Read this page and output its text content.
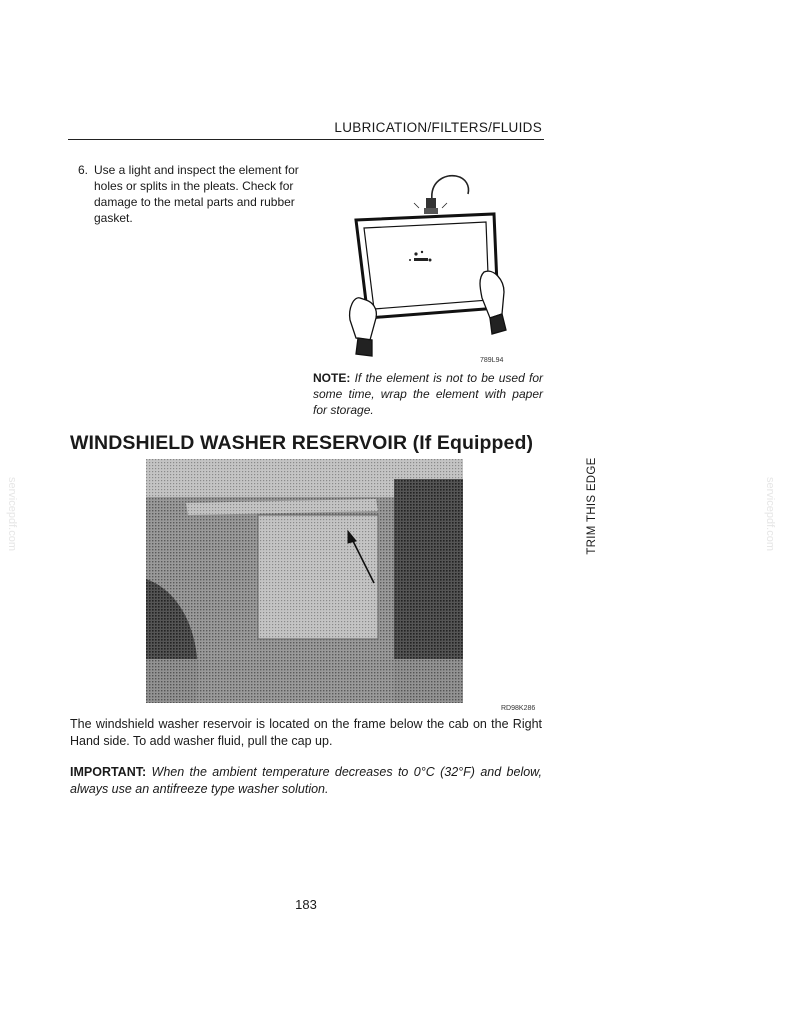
LUBRICATION/FILTERS/FLUIDS
6. Use a light and inspect the element for holes or splits in the pleats. Check for damage to the metal parts and rubber gasket.
789L94
NOTE: If the element is not to be used for some time, wrap the element with paper for storage.
WINDSHIELD WASHER RESERVOIR (If Equipped)
RD98K286
The windshield washer reservoir is located on the frame below the cab on the Right Hand side. To add washer fluid, pull the cap up.
IMPORTANT: When the ambient temperature decreases to 0°C (32°F) and below, always use an antifreeze type washer solution.
183
TRIM THIS EDGE
servicepdf.com	servicepdf.com
